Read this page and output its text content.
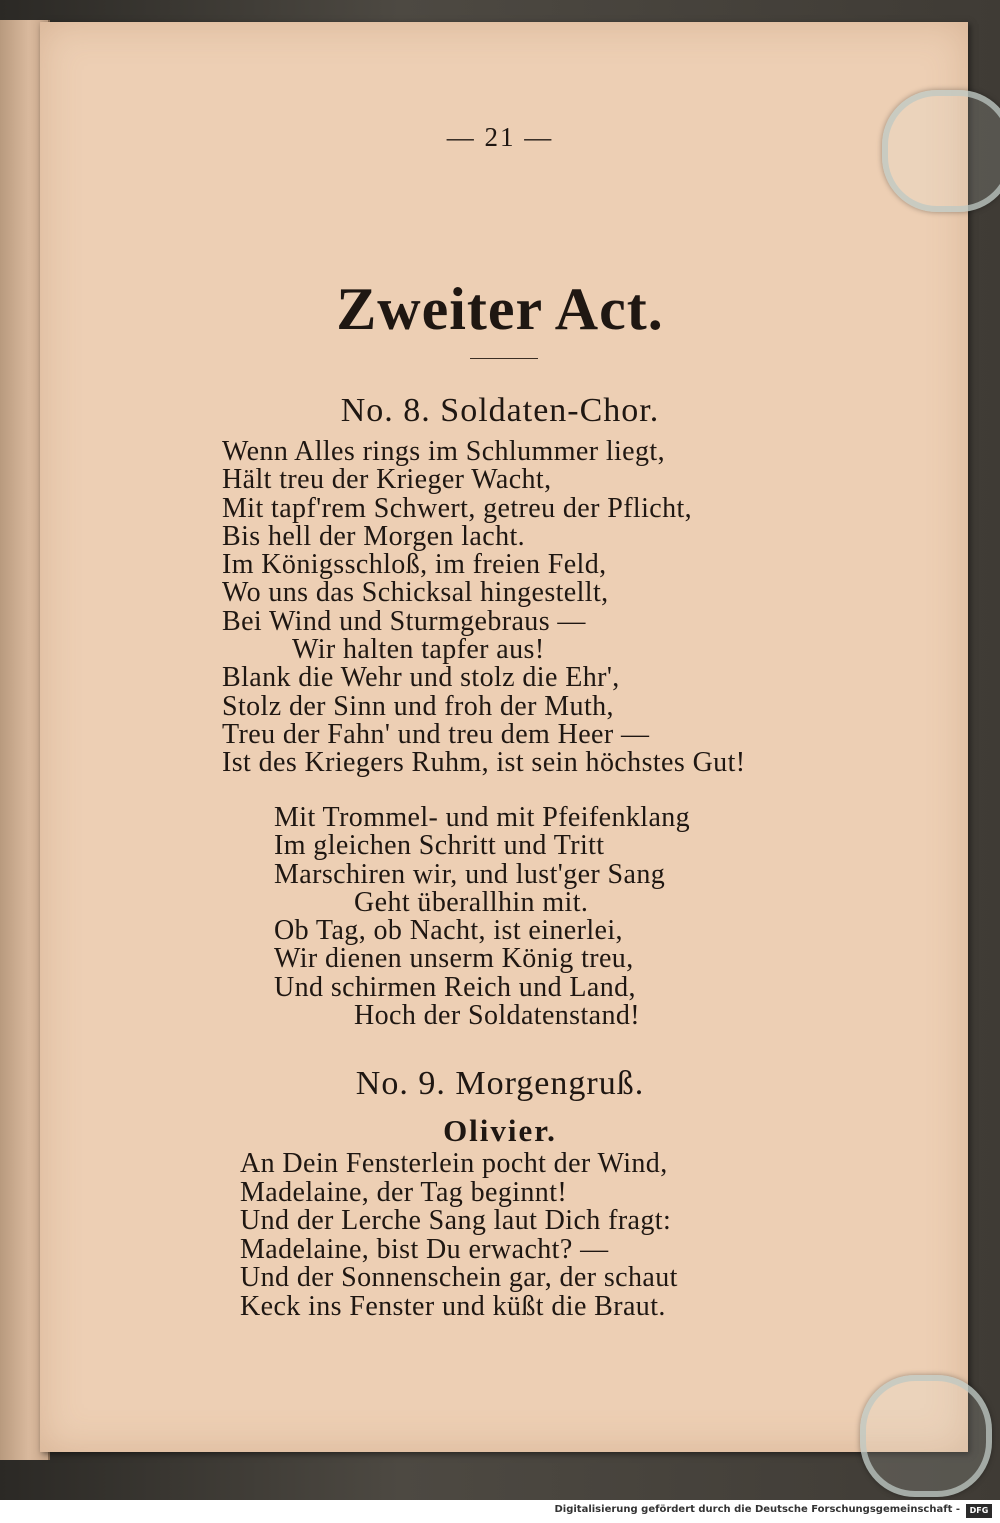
— 21 —
Zweiter Act.
No. 8. Soldaten-Chor.
Wenn Alles rings im Schlummer liegt,
Hält treu der Krieger Wacht,
Mit tapf'rem Schwert, getreu der Pflicht,
Bis hell der Morgen lacht.
Im Königsschloß, im freien Feld,
Wo uns das Schicksal hingestellt,
Bei Wind und Sturmgebraus —
Wir halten tapfer aus!
Blank die Wehr und stolz die Ehr',
Stolz der Sinn und froh der Muth,
Treu der Fahn' und treu dem Heer —
Ist des Kriegers Ruhm, ist sein höchstes Gut!
Mit Trommel- und mit Pfeifenklang
Im gleichen Schritt und Tritt
Marschiren wir, und lust'ger Sang
Geht überallhin mit.
Ob Tag, ob Nacht, ist einerlei,
Wir dienen unserm König treu,
Und schirmen Reich und Land,
Hoch der Soldatenstand!
No. 9. Morgengruß.
Olivier.
An Dein Fensterlein pocht der Wind,
Madelaine, der Tag beginnt!
Und der Lerche Sang laut Dich fragt:
Madelaine, bist Du erwacht? —
Und der Sonnenschein gar, der schaut
Keck ins Fenster und küßt die Braut.
Digitalisierung gefördert durch die Deutsche Forschungsgemeinschaft -	DFG
